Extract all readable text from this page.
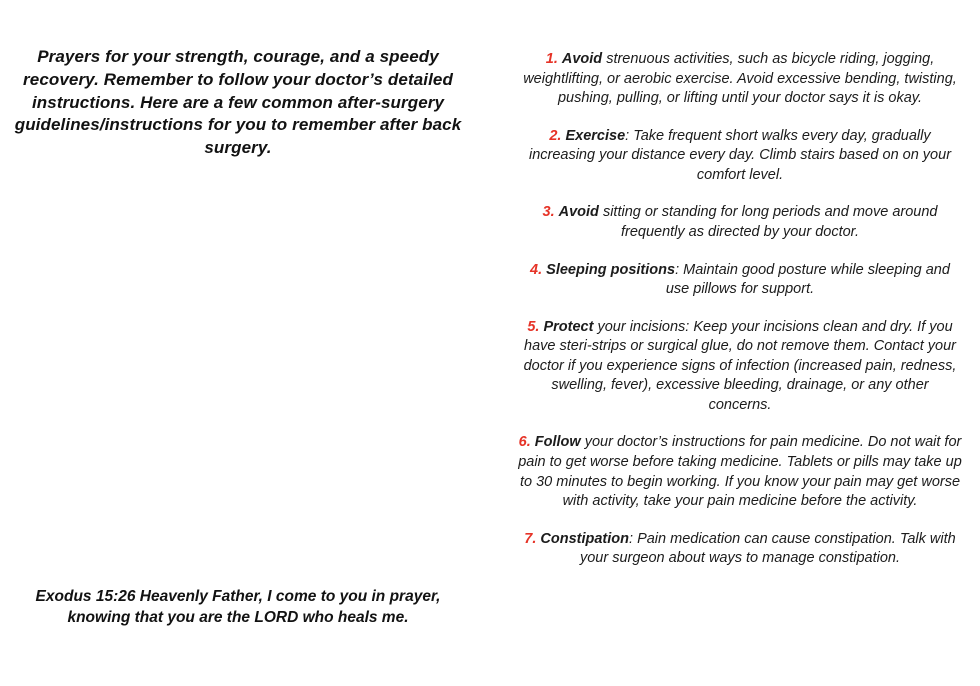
Prayers for your strength, courage, and a speedy recovery. Remember to follow your doctor’s detailed instructions. Here are a few common after-surgery guidelines/instructions for you to remember after back surgery.

Exodus 15:26 Heavenly Father, I come to you in prayer, knowing that you are the LORD who heals me.

1. Avoid strenuous activities, such as bicycle riding, jogging, weightlifting, or aerobic exercise. Avoid excessive bending, twisting, pushing, pulling, or lifting until your doctor says it is okay.

2. Exercise: Take frequent short walks every day, gradually increasing your distance every day. Climb stairs based on on your comfort level.

3. Avoid sitting or standing for long periods and move around frequently as directed by your doctor.

4. Sleeping positions: Maintain good posture while sleeping and use pillows for support.

5. Protect your incisions: Keep your incisions clean and dry. If you have steri-strips or surgical glue, do not remove them. Contact your doctor if you experience signs of infection (increased pain, redness, swelling, fever), excessive bleeding, drainage, or any other concerns.

6. Follow your doctor’s instructions for pain medicine. Do not wait for pain to get worse before taking medicine. Tablets or pills may take up to 30 minutes to begin working. If you know your pain may get worse with activity, take your pain medicine before the activity.

7. Constipation: Pain medication can cause constipation. Talk with your surgeon about ways to manage constipation.
